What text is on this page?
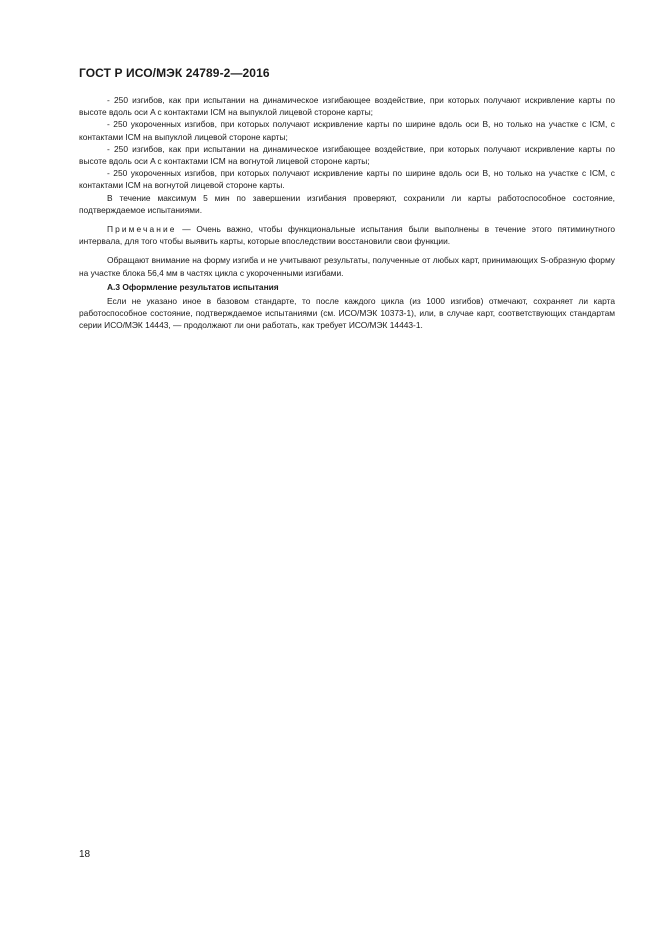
ГОСТ Р ИСО/МЭК 24789-2—2016

- 250 изгибов, как при испытании на динамическое изгибающее воздействие, при которых получают искривление карты по высоте вдоль оси A с контактами ICM на выпуклой лицевой стороне карты;

- 250 укороченных изгибов, при которых получают искривление карты по ширине вдоль оси B, но только на участке с ICM, с контактами ICM на выпуклой лицевой стороне карты;

- 250 изгибов, как при испытании на динамическое изгибающее воздействие, при которых получают искривление карты по высоте вдоль оси A с контактами ICM на вогнутой лицевой стороне карты;

- 250 укороченных изгибов, при которых получают искривление карты по ширине вдоль оси B, но только на участке с ICM, с контактами ICM на вогнутой лицевой стороне карты.

В течение максимум 5 мин по завершении изгибания проверяют, сохранили ли карты работоспособное состояние, подтверждаемое испытаниями.

Примечание — Очень важно, чтобы функциональные испытания были выполнены в течение этого пятиминутного интервала, для того чтобы выявить карты, которые впоследствии восстановили свои функции.

Обращают внимание на форму изгиба и не учитывают результаты, полученные от любых карт, принимающих S-образную форму на участке блока 56,4 мм в частях цикла с укороченными изгибами.

А.3 Оформление результатов испытания

Если не указано иное в базовом стандарте, то после каждого цикла (из 1000 изгибов) отмечают, сохраняет ли карта работоспособное состояние, подтверждаемое испытаниями (см. ИСО/МЭК 10373-1), или, в случае карт, соответствующих стандартам серии ИСО/МЭК 14443, — продолжают ли они работать, как требует ИСО/МЭК 14443-1.

18
